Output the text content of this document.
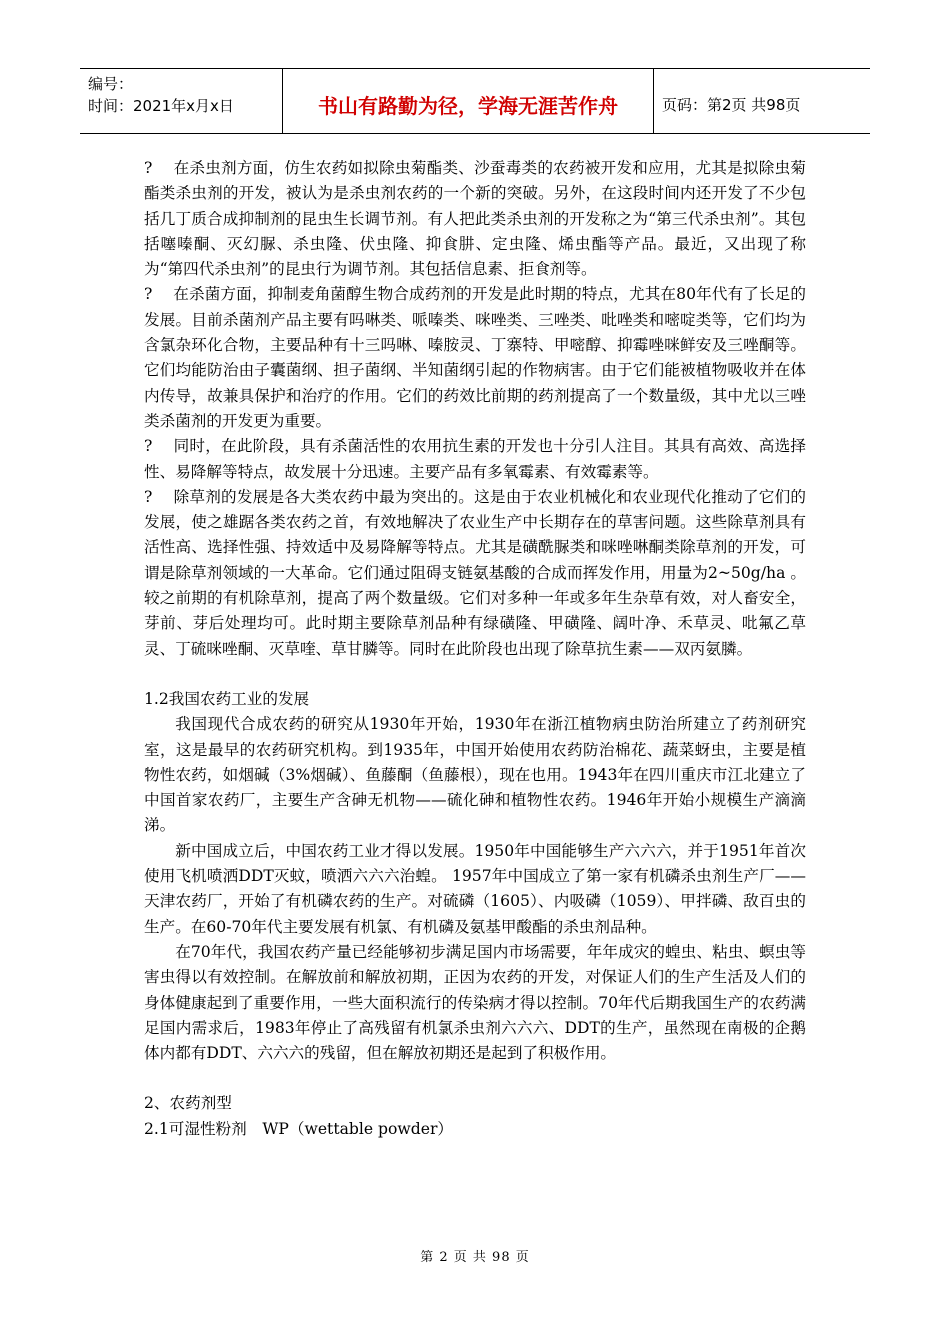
编号：
时间：2021年x月x日	书山有路勤为径，学海无涯苦作舟	页码：第2页 共98页

?　 在杀虫剂方面，仿生农药如拟除虫菊酯类、沙蚕毒类的农药被开发和应用，尤其是拟除虫菊酯类杀虫剂的开发，被认为是杀虫剂农药的一个新的突破。另外，在这段时间内还开发了不少包括几丁质合成抑制剂的昆虫生长调节剂。有人把此类杀虫剂的开发称之为“第三代杀虫剂”。其包括噻嗪酮、灭幻脲、杀虫隆、伏虫隆、抑食肼、定虫隆、烯虫酯等产品。最近，又出现了称为“第四代杀虫剂”的昆虫行为调节剂。其包括信息素、拒食剂等。

?　 在杀菌方面，抑制麦角菌醇生物合成药剂的开发是此时期的特点，尤其在80年代有了长足的发展。目前杀菌剂产品主要有吗啉类、哌嗪类、咪唑类、三唑类、吡唑类和嘧啶类等，它们均为含氯杂环化合物，主要品种有十三吗啉、嗪胺灵、丁寨特、甲嘧醇、抑霉唑咪鲜安及三唑酮等。它们均能防治由子囊菌纲、担子菌纲、半知菌纲引起的作物病害。由于它们能被植物吸收并在体内传导，故兼具保护和治疗的作用。它们的药效比前期的药剂提高了一个数量级，其中尤以三唑类杀菌剂的开发更为重要。

?　 同时，在此阶段，具有杀菌活性的农用抗生素的开发也十分引人注目。其具有高效、高选择性、易降解等特点，故发展十分迅速。主要产品有多氧霉素、有效霉素等。

?　 除草剂的发展是各大类农药中最为突出的。这是由于农业机械化和农业现代化推动了它们的发展，使之雄踞各类农药之首，有效地解决了农业生产中长期存在的草害问题。这些除草剂具有活性高、选择性强、持效适中及易降解等特点。尤其是磺酰脲类和咪唑啉酮类除草剂的开发，可谓是除草剂领域的一大革命。它们通过阻碍支链氨基酸的合成而挥发作用，用量为2~50g/ha 。较之前期的有机除草剂，提高了两个数量级。它们对多种一年或多年生杂草有效，对人畜安全，芽前、芽后处理均可。此时期主要除草剂品种有绿磺隆、甲磺隆、阔叶净、禾草灵、吡氟乙草灵、丁硫咪唑酮、灭草喹、草甘膦等。同时在此阶段也出现了除草抗生素——双丙氨膦。

1.2我国农药工业的发展

我国现代合成农药的研究从1930年开始，1930年在浙江植物病虫防治所建立了药剂研究室，这是最早的农药研究机构。到1935年，中国开始使用农药防治棉花、蔬菜蚜虫，主要是植物性农药，如烟碱（3%烟碱）、鱼藤酮（鱼藤根），现在也用。1943年在四川重庆市江北建立了中国首家农药厂，主要生产含砷无机物——硫化砷和植物性农药。1946年开始小规模生产滴滴涕。

新中国成立后，中国农药工业才得以发展。1950年中国能够生产六六六，并于1951年首次使用飞机喷洒DDT灭蚊，喷洒六六六治蝗。 1957年中国成立了第一家有机磷杀虫剂生产厂——天津农药厂，开始了有机磷农药的生产。对硫磷（1605）、内吸磷（1059）、甲拌磷、敌百虫的生产。在60-70年代主要发展有机氯、有机磷及氨基甲酸酯的杀虫剂品种。

在70年代，我国农药产量已经能够初步满足国内市场需要，年年成灾的蝗虫、粘虫、螟虫等害虫得以有效控制。在解放前和解放初期，正因为农药的开发，对保证人们的生产生活及人们的身体健康起到了重要作用，一些大面积流行的传染病才得以控制。70年代后期我国生产的农药满足国内需求后，1983年停止了高残留有机氯杀虫剂六六六、DDT的生产，虽然现在南极的企鹅体内都有DDT、六六六的残留，但在解放初期还是起到了积极作用。

2、农药剂型

2.1可湿性粉剂　WP（wettable powder）

第 2 页 共 98 页
